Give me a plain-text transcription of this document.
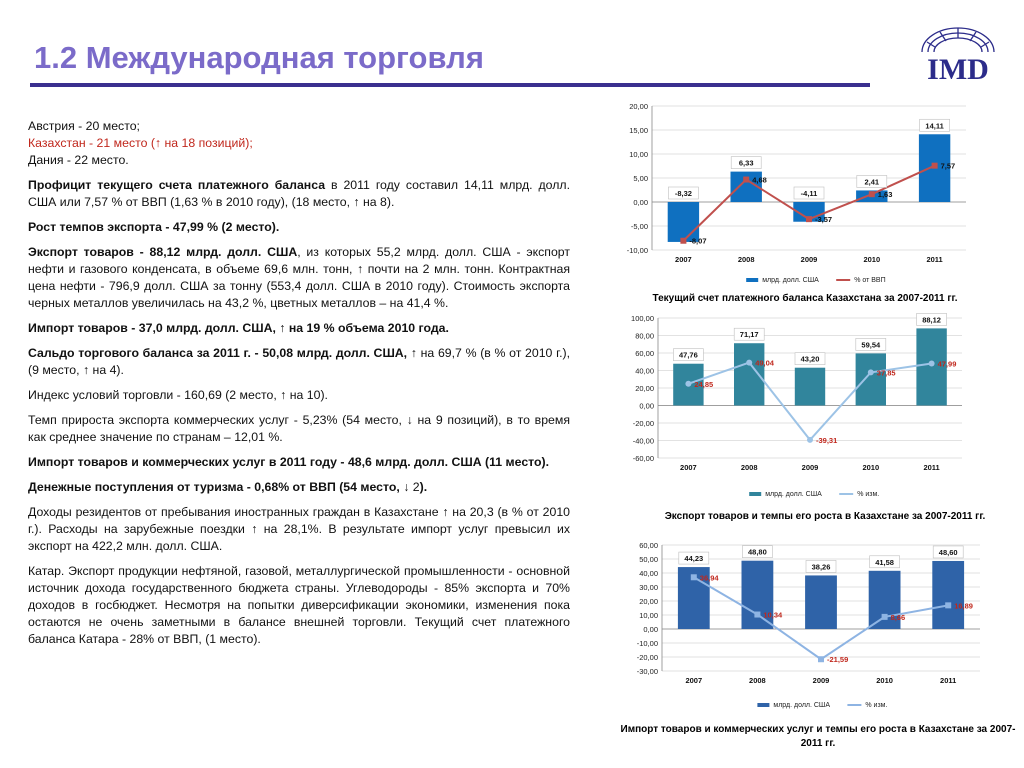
1.2 Международная торговля	IMD

Австрия - 20 место;

Казахстан - 21 место (↑ на 18 позиций);

Дания - 22 место.

Профицит текущего счета платежного баланса в 2011 году составил 14,11 млрд. долл. США или 7,57 % от ВВП (1,63 % в 2010 году), (18 место, ↑ на 8).

Рост темпов экспорта - 47,99 % (2 место).

Экспорт товаров - 88,12 млрд. долл. США, из которых 55,2 млрд. долл. США - экспорт нефти и газового конденсата, в объеме 69,6 млн. тонн, ↑ почти на 2 млн. тонн. Контрактная цена нефти - 796,9 долл. США за тонну (553,4 долл. США в 2010 году). Стоимость экспорта черных металлов увеличилась на 43,2 %, цветных металлов – на 41,4 %.

Импорт товаров - 37,0 млрд. долл. США, ↑ на 19 % объема 2010 года.

Сальдо торгового баланса за 2011 г. - 50,08 млрд. долл. США, ↑ на 69,7 % (в % от 2010 г.), (9 место, ↑ на 4).

Индекс условий торговли - 160,69 (2 место, ↑ на 10).

Темп прироста экспорта коммерческих услуг - 5,23% (54 место, ↓ на 9 позиций), в то время как среднее значение по странам – 12,01 %.

Импорт товаров и коммерческих услуг в 2011 году - 48,6 млрд. долл. США (11 место).

Денежные поступления от туризма - 0,68% от ВВП (54 место, ↓ 2).

Доходы резидентов от пребывания иностранных граждан в Казахстане ↑ на 20,3 (в % от 2010 г.). Расходы на зарубежные поездки ↑ на 28,1%. В результате импорт услуг превысил их экспорт на 422,2 млн. долл. США.

Катар. Экспорт продукции нефтяной, газовой, металлургической промышленности - основной источник дохода государственного бюджета страны. Углеводороды - 85% экспорта и 70% доходов в госбюджет. Несмотря на попытки диверсификации экономики, изменения пока остаются не очень заметными в балансе внешней торговли. Текущий счет платежного баланса Катара - 28% от ВВП, (1 место).

20,00
15,00
10,00
5,00
0,00
-5,00
-10,00
-8,32
6,33
-4,11
2,41
14,11
-8,07
4,68
-3,57
1,63
7,57
2007	2008	2009	2010	2011
млрд. долл. США	% от ВВП
Текущий счет платежного баланса Казахстана за 2007-2011 гг.
100,00
80,00
60,00
40,00
20,00
0,00
-20,00
-40,00
-60,00
47,76
71,17
43,20
59,54
88,12
24,85
49,04
-39,31
37,85
47,99
2007	2008	2009	2010	2011
млрд. долл. США	% изм.
Экспорт товаров и темпы его роста в Казахстане за 2007-2011 гг.
60,00
50,00
40,00
30,00
20,00
10,00
0,00
-10,00
-20,00
-30,00
44,23
48,80
38,26
41,58
48,60
36,94
10,34
-21,59
8,66
16,89
2007	2008	2009	2010	2011
млрд. долл. США	% изм.
Импорт товаров и коммерческих услуг и темпы его роста в Казахстане за 2007-2011 гг.
